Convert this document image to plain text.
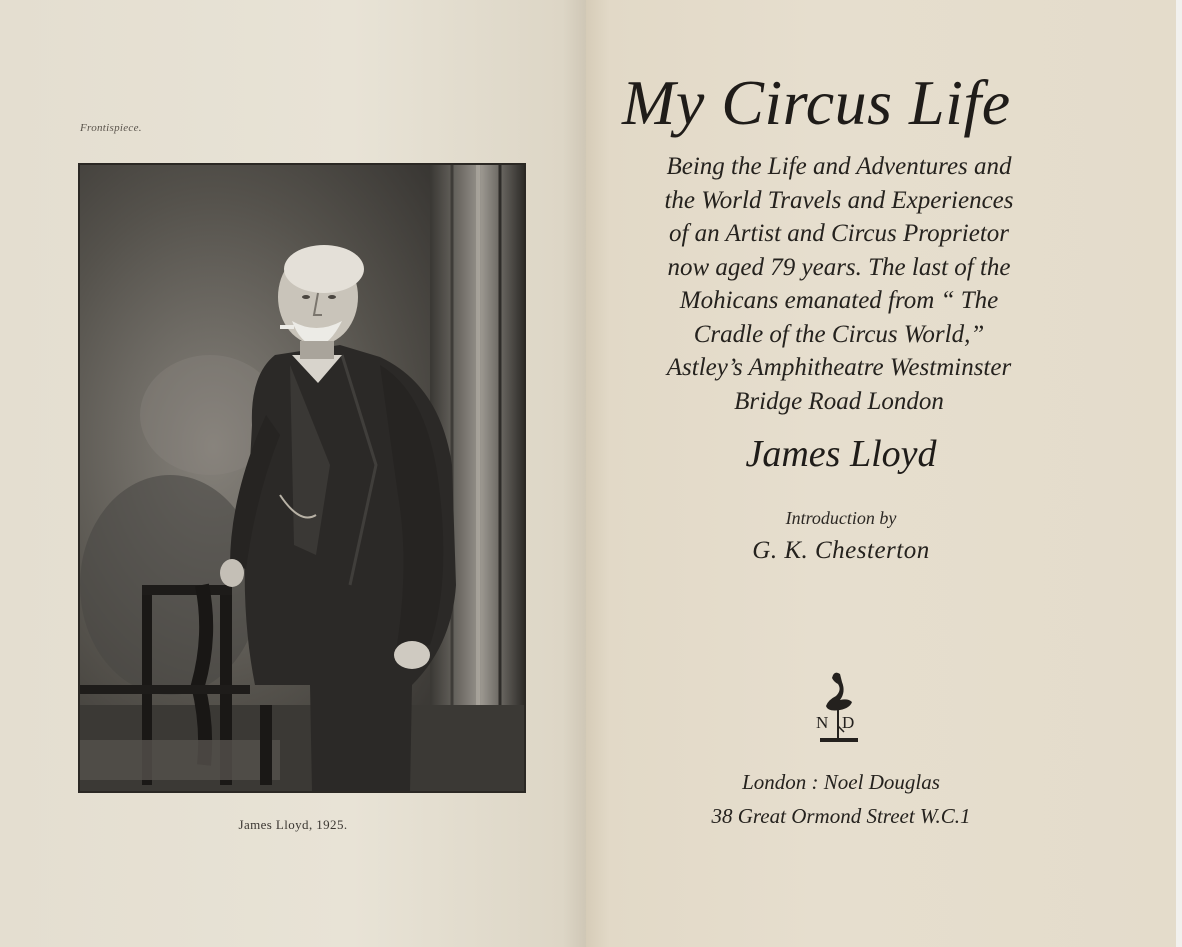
Frontispiece.
James Lloyd, 1925.
My Circus Life
Being the Life and Adventures and
the World Travels and Experiences
of an Artist and Circus Proprietor
now aged 79 years. The last of the
Mohicans emanated from “ The
Cradle of the Circus World,”
Astley’s Amphitheatre Westminster
Bridge Road London
James Lloyd
Introduction by
G. K. Chesterton
N D
London : Noel Douglas
38 Great Ormond Street W.C.1
